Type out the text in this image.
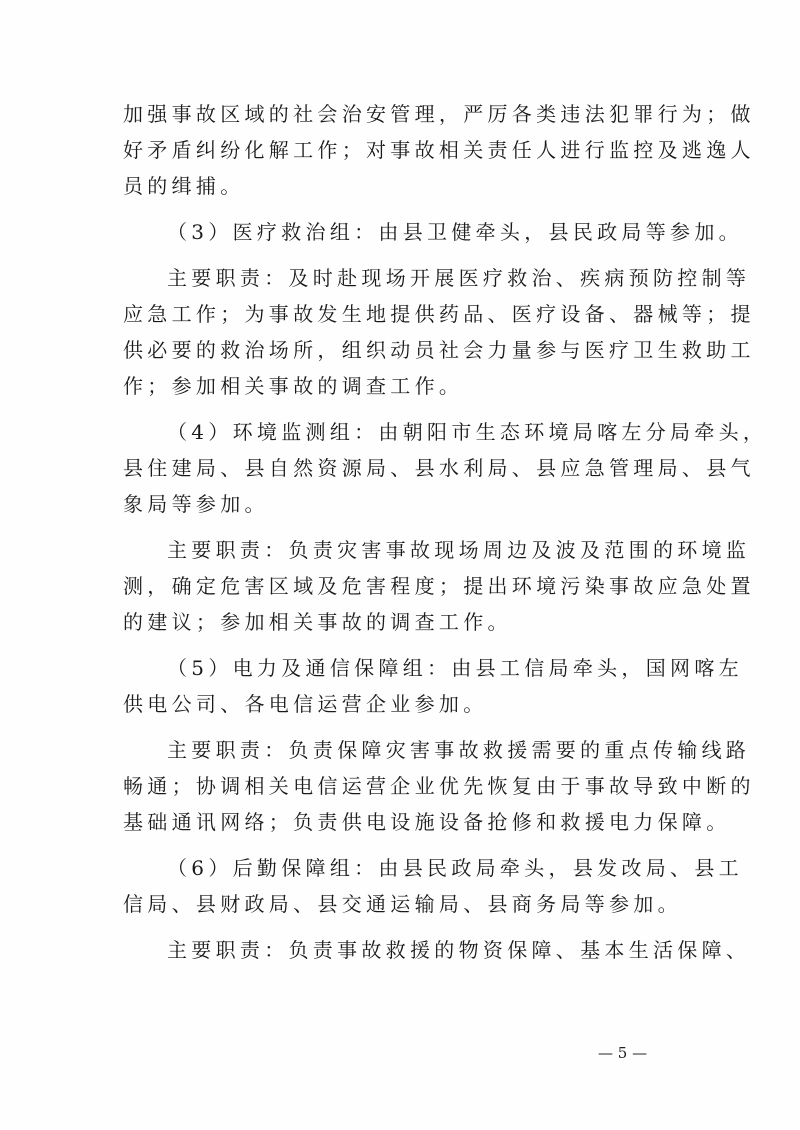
加强事故区域的社会治安管理，严厉各类违法犯罪行为；做
好矛盾纠纷化解工作；对事故相关责任人进行监控及逃逸人
员的缉捕。
（3）医疗救治组：由县卫健牵头，县民政局等参加。
主要职责：及时赴现场开展医疗救治、疾病预防控制等
应急工作；为事故发生地提供药品、医疗设备、器械等；提
供必要的救治场所，组织动员社会力量参与医疗卫生救助工
作；参加相关事故的调查工作。
（4）环境监测组：由朝阳市生态环境局喀左分局牵头，
县住建局、县自然资源局、县水利局、县应急管理局、县气
象局等参加。
主要职责：负责灾害事故现场周边及波及范围的环境监
测，确定危害区域及危害程度；提出环境污染事故应急处置
的建议；参加相关事故的调查工作。
（5）电力及通信保障组：由县工信局牵头，国网喀左
供电公司、各电信运营企业参加。
主要职责：负责保障灾害事故救援需要的重点传输线路
畅通；协调相关电信运营企业优先恢复由于事故导致中断的
基础通讯网络；负责供电设施设备抢修和救援电力保障。
（6）后勤保障组：由县民政局牵头，县发改局、县工
信局、县财政局、县交通运输局、县商务局等参加。
主要职责：负责事故救援的物资保障、基本生活保障、
— 5 —
